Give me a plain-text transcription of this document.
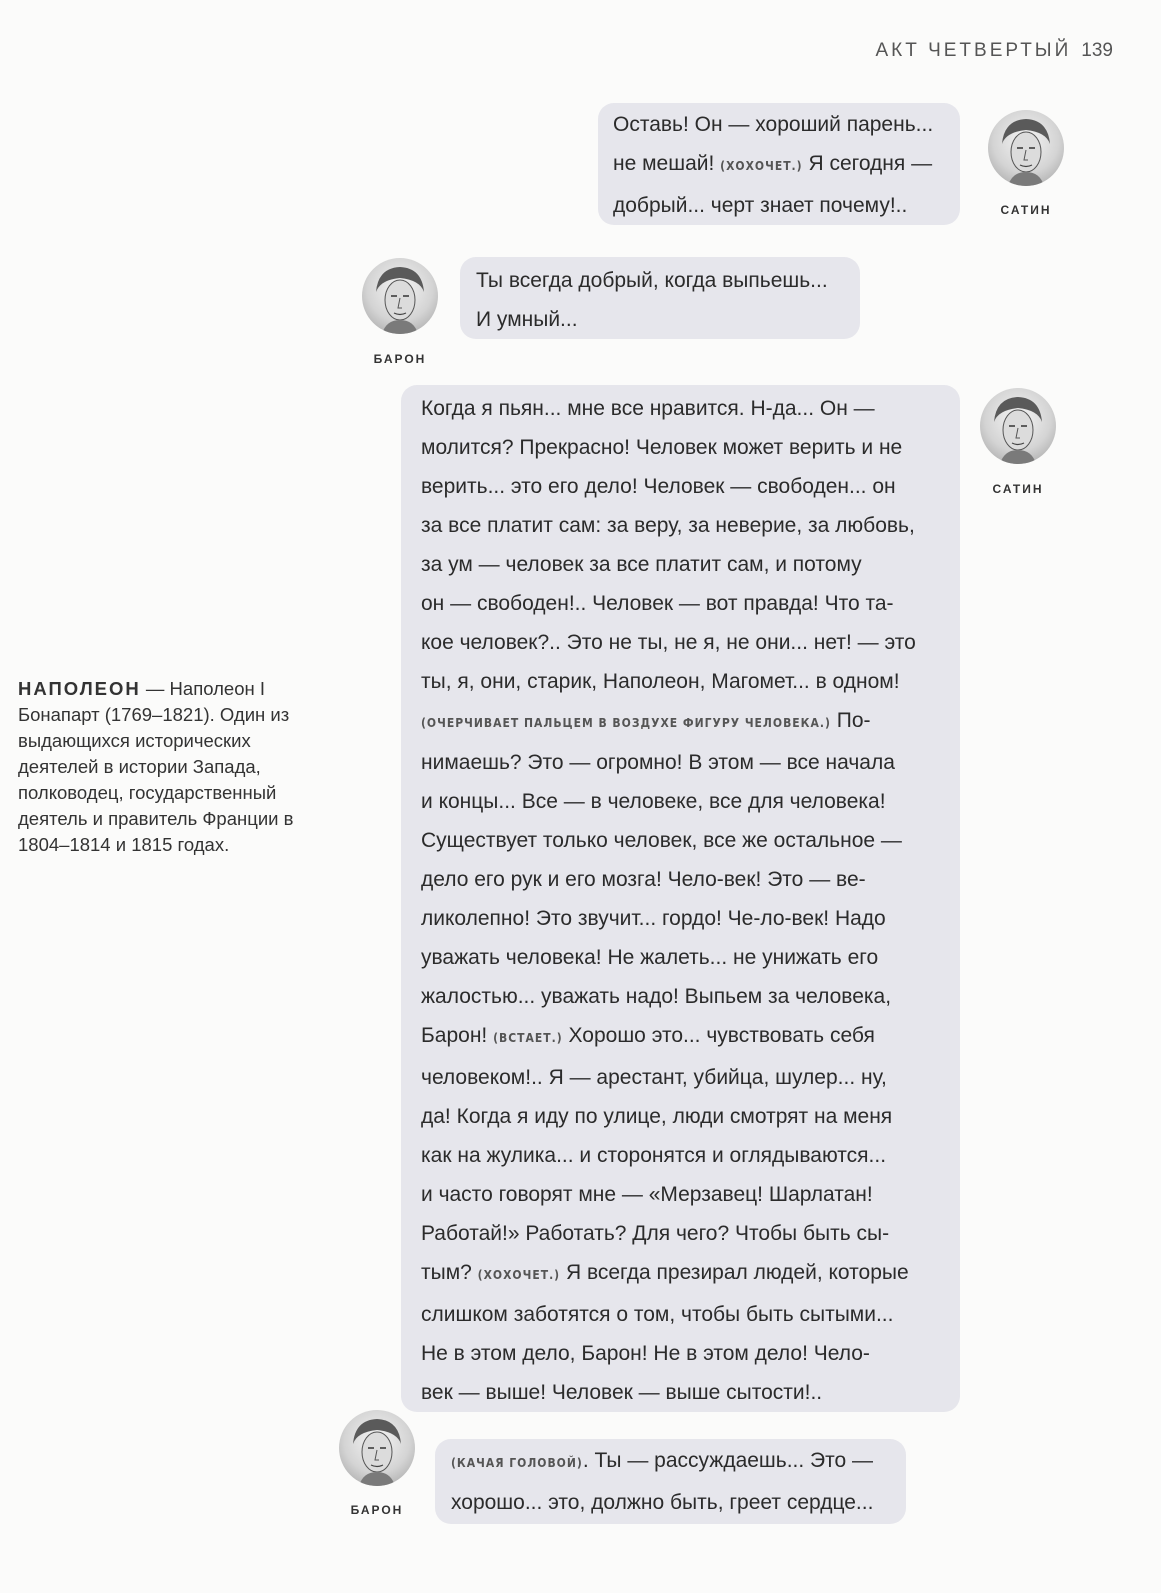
АКТ ЧЕТВЕРТЫЙ 139
Оставь! Он — хороший парень...
не мешай! (ХОХОЧЕТ.) Я сегодня —
добрый... черт знает почему!..	САТИН
БАРОН
Ты всегда добрый, когда выпьешь...
И умный...
Когда я пьян... мне все нравится. Н-да... Он —
молится? Прекрасно! Человек может верить и не
верить... это его дело! Человек — свободен... он
за все платит сам: за веру, за неверие, за любовь,
за ум — человек за все платит сам, и потому
он — свободен!.. Человек — вот правда! Что та-
кое человек?.. Это не ты, не я, не они... нет! — это
ты, я, они, старик, Наполеон, Магомет... в одном!
(ОЧЕРЧИВАЕТ ПАЛЬЦЕМ В ВОЗДУХЕ ФИГУРУ ЧЕЛОВЕКА.) По-
нимаешь? Это — огромно! В этом — все начала
и концы... Все — в человеке, все для человека!
Существует только человек, все же остальное —
дело его рук и его мозга! Чело-век! Это — ве-
ликолепно! Это звучит... гордо! Че-ло-век! Надо
уважать человека! Не жалеть... не унижать его
жалостью... уважать надо! Выпьем за человека,
Барон! (ВСТАЕТ.) Хорошо это... чувствовать себя
человеком!.. Я — арестант, убийца, шулер... ну,
да! Когда я иду по улице, люди смотрят на меня
как на жулика... и сторонятся и оглядываются...
и часто говорят мне — «Мерзавец! Шарлатан!
Работай!» Работать? Для чего? Чтобы быть сы-
тым? (ХОХОЧЕТ.) Я всегда презирал людей, которые
слишком заботятся о том, чтобы быть сытыми...
Не в этом дело, Барон! Не в этом дело! Чело-
век — выше! Человек — выше сытости!..
САТИН
НАПОЛЕОН — Наполеон I Бонапарт (1769–1821). Один из выдающихся исторических деятелей в истории Запада, полководец, государственный деятель и правитель Франции в 1804–1814 и 1815 годах.
БАРОН
(КАЧАЯ ГОЛОВОЙ). Ты — рассуждаешь... Это —
хорошо... это, должно быть, греет сердце...
